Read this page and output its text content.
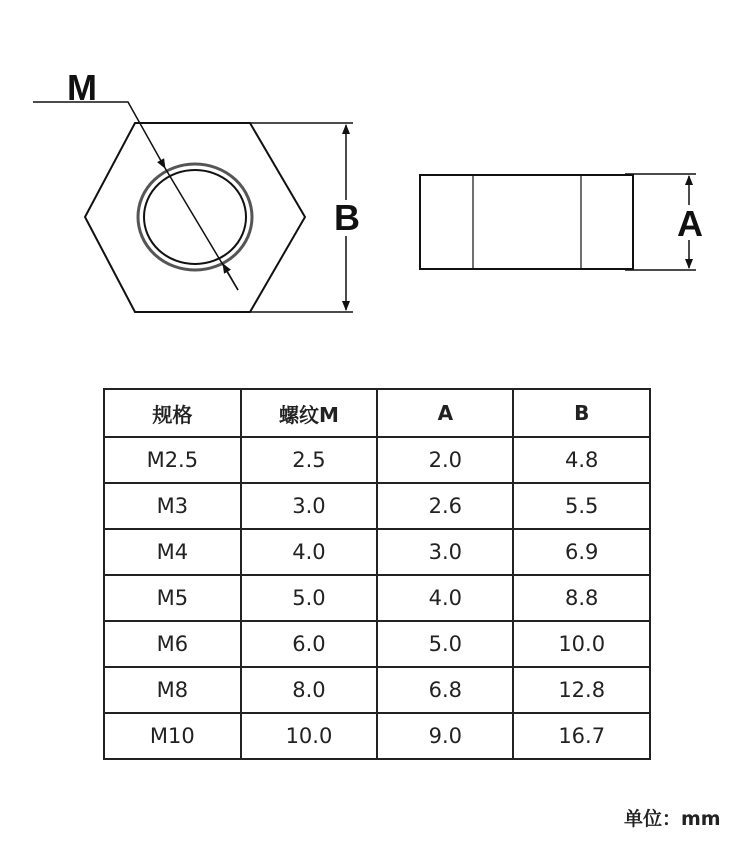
M
B	A
规格	螺纹M	A	B
M2.5	2.5	2.0	4.8
M3	3.0	2.6	5.5
M4	4.0	3.0	6.9
M5	5.0	4.0	8.8
M6	6.0	5.0	10.0
M8	8.0	6.8	12.8
M10	10.0	9.0	16.7
单位：mm
